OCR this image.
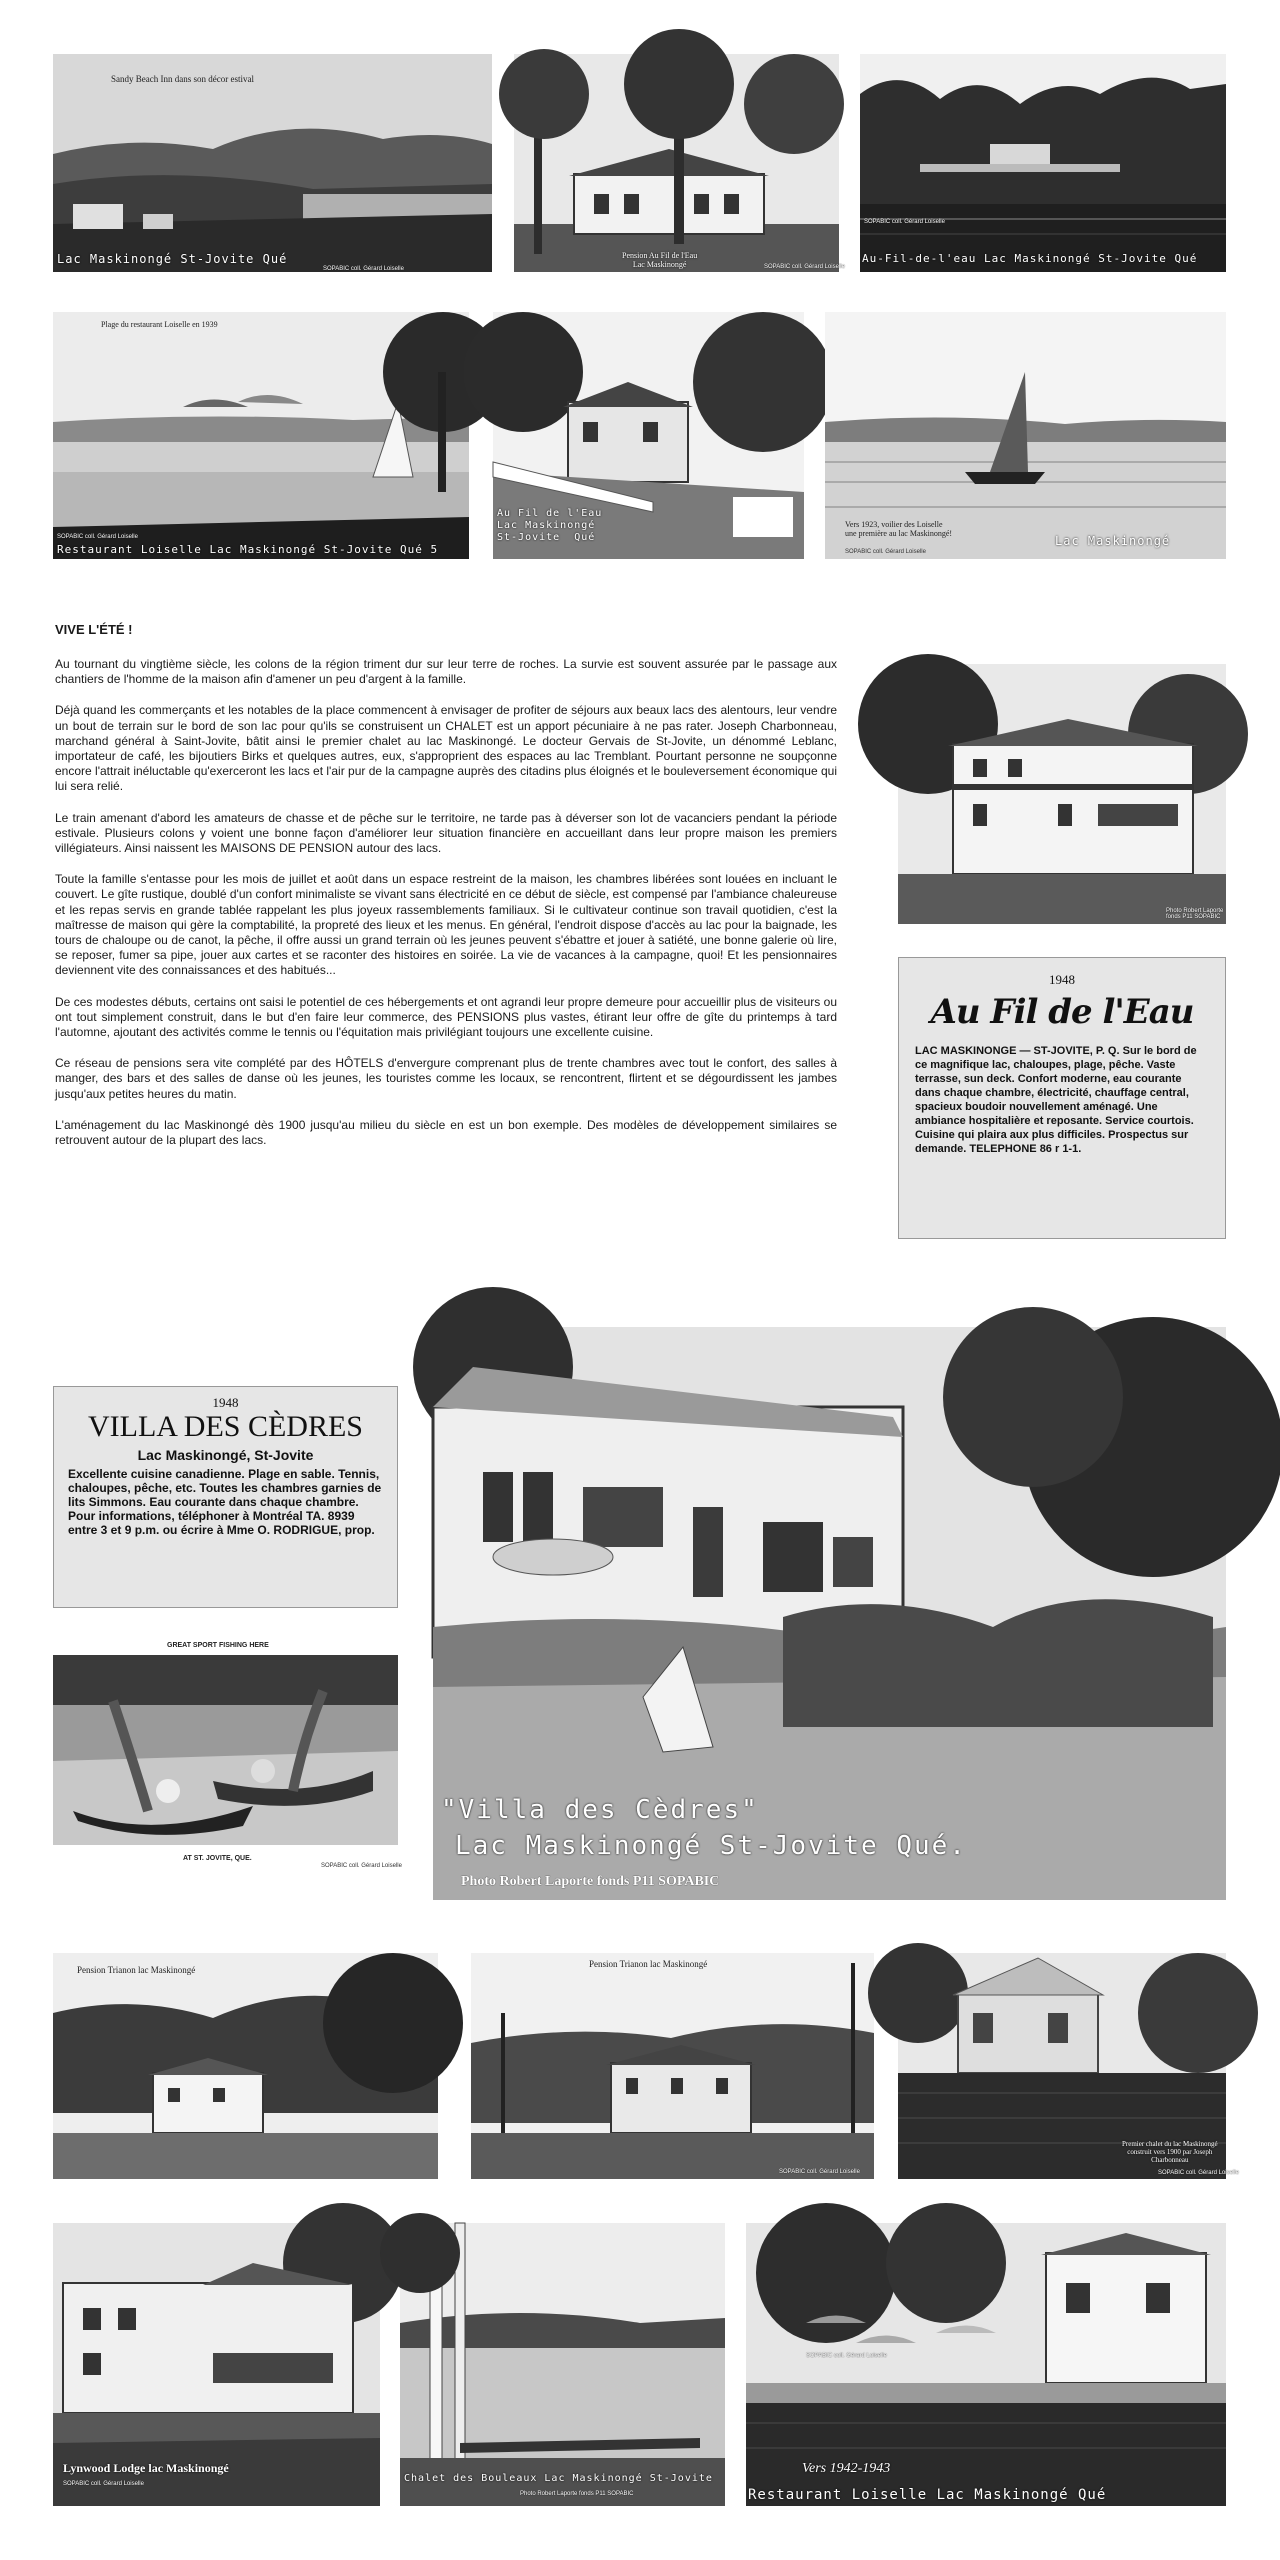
Sandy Beach Inn dans son décor estival
Lac Maskinongé St-Jovite Qué
SOPABIC coll. Gérard Loiselle
Pension Au Fil de l'Eau
Lac Maskinongé	SOPABIC coll. Gérard Loiselle
SOPABIC coll. Gérard Loiselle
Au-Fil-de-l'eau Lac Maskinongé St-Jovite Qué
Plage du restaurant Loiselle en 1939
SOPABIC coll. Gérard Loiselle
Restaurant Loiselle Lac Maskinongé St-Jovite Qué 5
Au Fil de l'Eau
Lac Maskinongé
St-Jovite  Qué
Vers 1923, voilier des Loiselle
une première au lac Maskinongé!
Lac Maskinongé
SOPABIC coll. Gérard Loiselle
VIVE L'ÉTÉ !

Au tournant du vingtième siècle, les colons de la région triment dur sur leur terre de roches. La survie est souvent assurée par le passage aux chantiers de l'homme de la maison afin d'amener un peu d'argent à la famille.

Déjà quand les commerçants et les notables de la place commencent à envisager de profiter de séjours aux beaux lacs des alentours, leur vendre un bout de terrain sur le bord de son lac pour qu'ils se construisent un CHALET est un apport pécuniaire à ne pas rater. Joseph Charbonneau, marchand général à Saint-Jovite, bâtit ainsi le premier chalet au lac Maskinongé. Le docteur Gervais de St-Jovite, un dénommé Leblanc, importateur de café, les bijoutiers Birks et quelques autres, eux, s'approprient des espaces au lac Tremblant. Pourtant personne ne soupçonne encore l'attrait inéluctable qu'exerceront les lacs et l'air pur de la campagne auprès des citadins plus éloignés et le bouleversement économique qui lui sera relié.

Le train amenant d'abord les amateurs de chasse et de pêche sur le territoire, ne tarde pas à déverser son lot de vacanciers pendant la période estivale. Plusieurs colons y voient une bonne façon d'améliorer leur situation financière en accueillant dans leur propre maison les premiers villégiateurs. Ainsi naissent les MAISONS DE PENSION autour des lacs.

Toute la famille s'entasse pour les mois de juillet et août dans un espace restreint de la maison, les chambres libérées sont louées en incluant le couvert. Le gîte rustique, doublé d'un confort minimaliste se vivant sans électricité en ce début de siècle, est compensé par l'ambiance chaleureuse et les repas servis en grande tablée rappelant les plus joyeux rassemblements familiaux. Si le cultivateur continue son travail quotidien, c'est la maîtresse de maison qui gère la comptabilité, la propreté des lieux et les menus. En général, l'endroit dispose d'accès au lac pour la baignade, les tours de chaloupe ou de canot, la pêche, il offre aussi un grand terrain où les jeunes peuvent s'ébattre et jouer à satiété, une bonne galerie où lire, se reposer, fumer sa pipe, jouer aux cartes et se raconter des histoires en soirée. La vie de vacances à la campagne, quoi! Et les pensionnaires deviennent vite des connaissances et des habitués...

De ces modestes débuts, certains ont saisi le potentiel de ces hébergements et ont agrandi leur propre demeure pour accueillir plus de visiteurs ou ont tout simplement construit, dans le but d'en faire leur commerce, des PENSIONS plus vastes, étirant leur offre de gîte du printemps à tard l'automne, ajoutant des activités comme le tennis ou l'équitation mais privilégiant toujours une excellente cuisine.

Ce réseau de pensions sera vite complété par des HÔTELS d'envergure comprenant plus de trente chambres avec tout le confort, des salles à manger, des bars et des salles de danse où les jeunes, les touristes comme les locaux, se rencontrent, flirtent et se dégourdissent les jambes jusqu'aux petites heures du matin.

L'aménagement du lac Maskinongé dès 1900 jusqu'au milieu du siècle en est un bon exemple. Des modèles de développement similaires se retrouvent autour de la plupart des lacs.

Photo Robert Laporte
fonds P11 SOPABIC
1948
Au Fil de l'Eau
LAC MASKINONGE — ST-JOVITE, P. Q. Sur le bord de ce magnifique lac, chaloupes, plage, pêche. Vaste terrasse, sun deck. Confort moderne, eau courante dans chaque chambre, électricité, chauffage central, spacieux boudoir nouvellement aménagé. Une ambiance hospitalière et reposante. Service courtois. Cuisine qui plaira aux plus difficiles. Prospectus sur demande. TELEPHONE 86 r 1-1.
1948
VILLA DES CÈDRES
Lac Maskinongé, St-Jovite
Excellente cuisine canadienne. Plage en sable. Tennis, chaloupes, pêche, etc. Toutes les chambres garnies de lits Simmons. Eau courante dans chaque chambre. Pour informations, téléphoner à Montréal TA. 8939 entre 3 et 9 p.m. ou écrire à Mme O. RODRIGUE, prop.
GREAT SPORT FISHING HERE
AT ST. JOVITE, QUE.
SOPABIC coll. Gérard Loiselle
"Villa des Cèdres"
Lac Maskinongé St-Jovite Qué.
Photo Robert Laporte fonds P11 SOPABIC
Pension Trianon lac Maskinongé
Pension Trianon lac Maskinongé
SOPABIC coll. Gérard Loiselle
Premier chalet du lac Maskinongé
construit vers 1900 par Joseph
Charbonneau
SOPABIC coll. Gérard Loiselle
Lynwood Lodge lac Maskinongé
SOPABIC coll. Gérard Loiselle	Chalet des Bouleaux Lac Maskinongé St-Jovite
Photo Robert Laporte fonds P11 SOPABIC
SOPABIC coll. Gérard Loiselle
Vers 1942-1943
Restaurant Loiselle Lac Maskinongé Qué
